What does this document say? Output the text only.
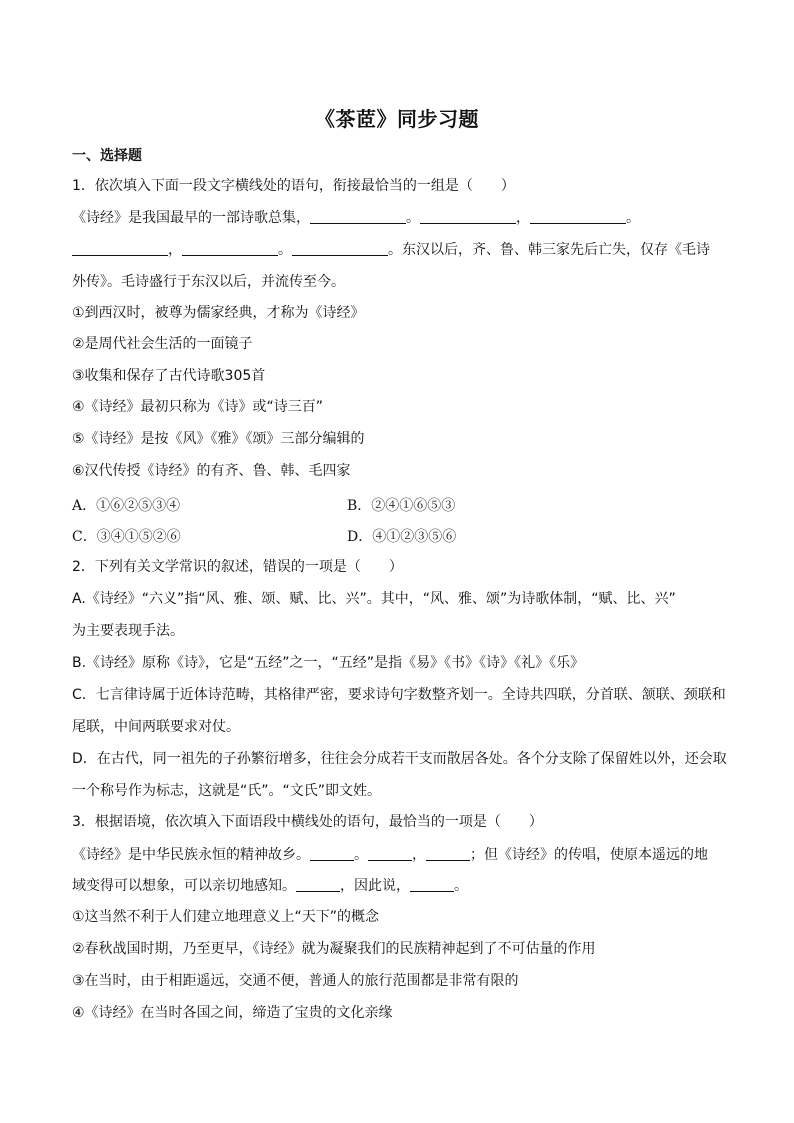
《茶茝》同步习题
一、选择题
1．依次填入下面一段文字横线处的语句，衔接最恰当的一组是（　　）
《诗经》是我国最早的一部诗歌总集，	。	，	。
，	。	。东汉以后，齐、鲁、韩三家先后亡失，仅存《毛诗
外传》。毛诗盛行于东汉以后，并流传至今。
①到西汉时，被尊为儒家经典，才称为《诗经》
②是周代社会生活的一面镜子
③收集和保存了古代诗歌305首
④《诗经》最初只称为《诗》或“诗三百”
⑤《诗经》是按《风》《雅》《颂》三部分编辑的
⑥汉代传授《诗经》的有齐、鲁、韩、毛四家
A．①⑥②⑤③④	B．②④①⑥⑤③
C．③④①⑤②⑥	D．④①②③⑤⑥
2．下列有关文学常识的叙述，错误的一项是（　　）
A.《诗经》“六义”指“风、雅、颂、赋、比、兴”。其中，“风、雅、颂”为诗歌体制，“赋、比、兴”
为主要表现手法。
B.《诗经》原称《诗》，它是“五经”之一，“五经”是指《易》《书》《诗》《礼》《乐》
C．七言律诗属于近体诗范畴，其格律严密，要求诗句字数整齐划一。全诗共四联，分首联、颔联、颈联和
尾联，中间两联要求对仗。
D．在古代，同一祖先的子孙繁衍增多，往往会分成若干支而散居各处。各个分支除了保留姓以外，还会取
一个称号作为标志，这就是“氏”。“文氏”即文姓。
3．根据语境，依次填入下面语段中横线处的语句，最恰当的一项是（　　）
《诗经》是中华民族永恒的精神故乡。	。	，	；但《诗经》的传唱，使原本遥远的地
域变得可以想象，可以亲切地感知。	，因此说，	。
①这当然不利于人们建立地理意义上“天下”的概念
②春秋战国时期，乃至更早，《诗经》就为凝聚我们的民族精神起到了不可估量的作用
③在当时，由于相距遥远，交通不便，普通人的旅行范围都是非常有限的
④《诗经》在当时各国之间，缔造了宝贵的文化亲缘
